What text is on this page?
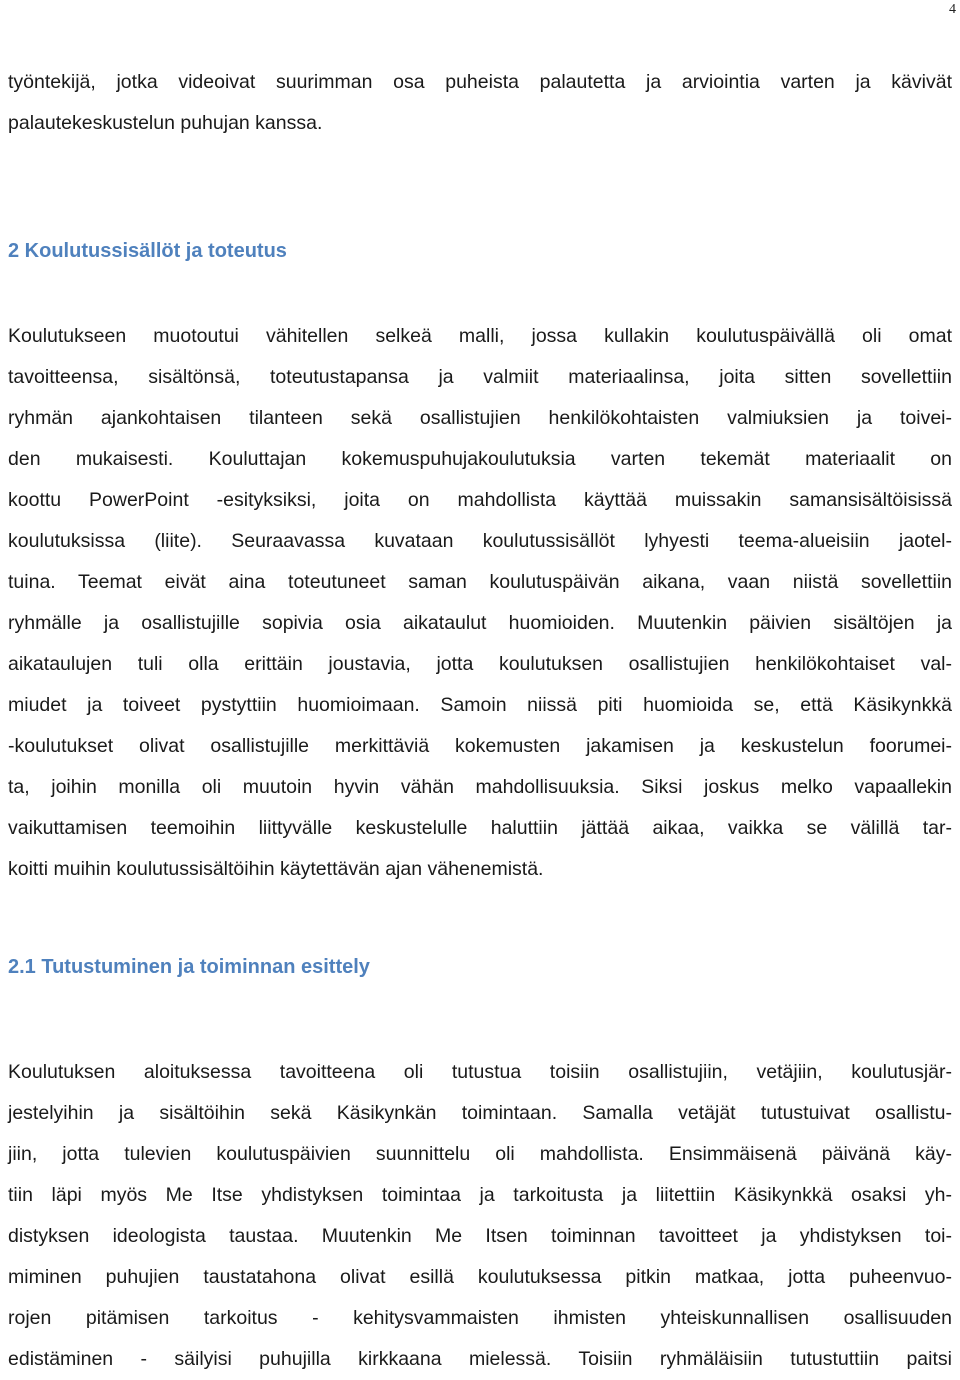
4
työntekijä, jotka videoivat suurimman osa puheista palautetta ja arviointia varten ja kävivät
palautekeskustelun puhujan kanssa.
2 Koulutussisällöt ja toteutus
Koulutukseen muotoutui vähitellen selkeä malli, jossa kullakin koulutuspäivällä oli omat
tavoitteensa, sisältönsä, toteutustapansa ja valmiit materiaalinsa, joita sitten sovellettiin
ryhmän ajankohtaisen tilanteen sekä osallistujien henkilökohtaisten valmiuksien ja toivei-
den mukaisesti. Kouluttajan kokemuspuhujakoulutuksia varten tekemät materiaalit on
koottu PowerPoint -esityksiksi, joita on mahdollista käyttää muissakin samansisältöisissä
koulutuksissa (liite). Seuraavassa kuvataan koulutussisällöt lyhyesti teema-alueisiin jaotel-
tuina. Teemat eivät aina toteutuneet saman koulutuspäivän aikana, vaan niistä sovellettiin
ryhmälle ja osallistujille sopivia osia aikataulut huomioiden. Muutenkin päivien sisältöjen ja
aikataulujen tuli olla erittäin joustavia, jotta koulutuksen osallistujien henkilökohtaiset val-
miudet ja toiveet pystyttiin huomioimaan. Samoin niissä piti huomioida se, että Käsikynkkä
-koulutukset olivat osallistujille merkittäviä kokemusten jakamisen ja keskustelun foorumei-
ta, joihin monilla oli muutoin hyvin vähän mahdollisuuksia. Siksi joskus melko vapaallekin
vaikuttamisen teemoihin liittyvälle keskustelulle haluttiin jättää aikaa, vaikka se välillä tar-
koitti muihin koulutussisältöihin käytettävän ajan vähenemistä.
2.1 Tutustuminen ja toiminnan esittely
Koulutuksen aloituksessa tavoitteena oli tutustua toisiin osallistujiin, vetäjiin, koulutusjär-
jestelyihin ja sisältöihin sekä Käsikynkän toimintaan. Samalla vetäjät tutustuivat osallistu-
jiin, jotta tulevien koulutuspäivien suunnittelu oli mahdollista. Ensimmäisenä päivänä käy-
tiin läpi myös Me Itse yhdistyksen toimintaa ja tarkoitusta ja liitettiin Käsikynkkä osaksi yh-
distyksen ideologista taustaa. Muutenkin Me Itsen toiminnan tavoitteet ja yhdistyksen toi-
miminen puhujien taustatahona olivat esillä koulutuksessa pitkin matkaa, jotta puheenvuo-
rojen pitämisen tarkoitus - kehitysvammaisten ihmisten yhteiskunnallisen osallisuuden
edistäminen - säilyisi puhujilla kirkkaana mielessä. Toisiin ryhmäläisiin tutustuttiin paitsi
